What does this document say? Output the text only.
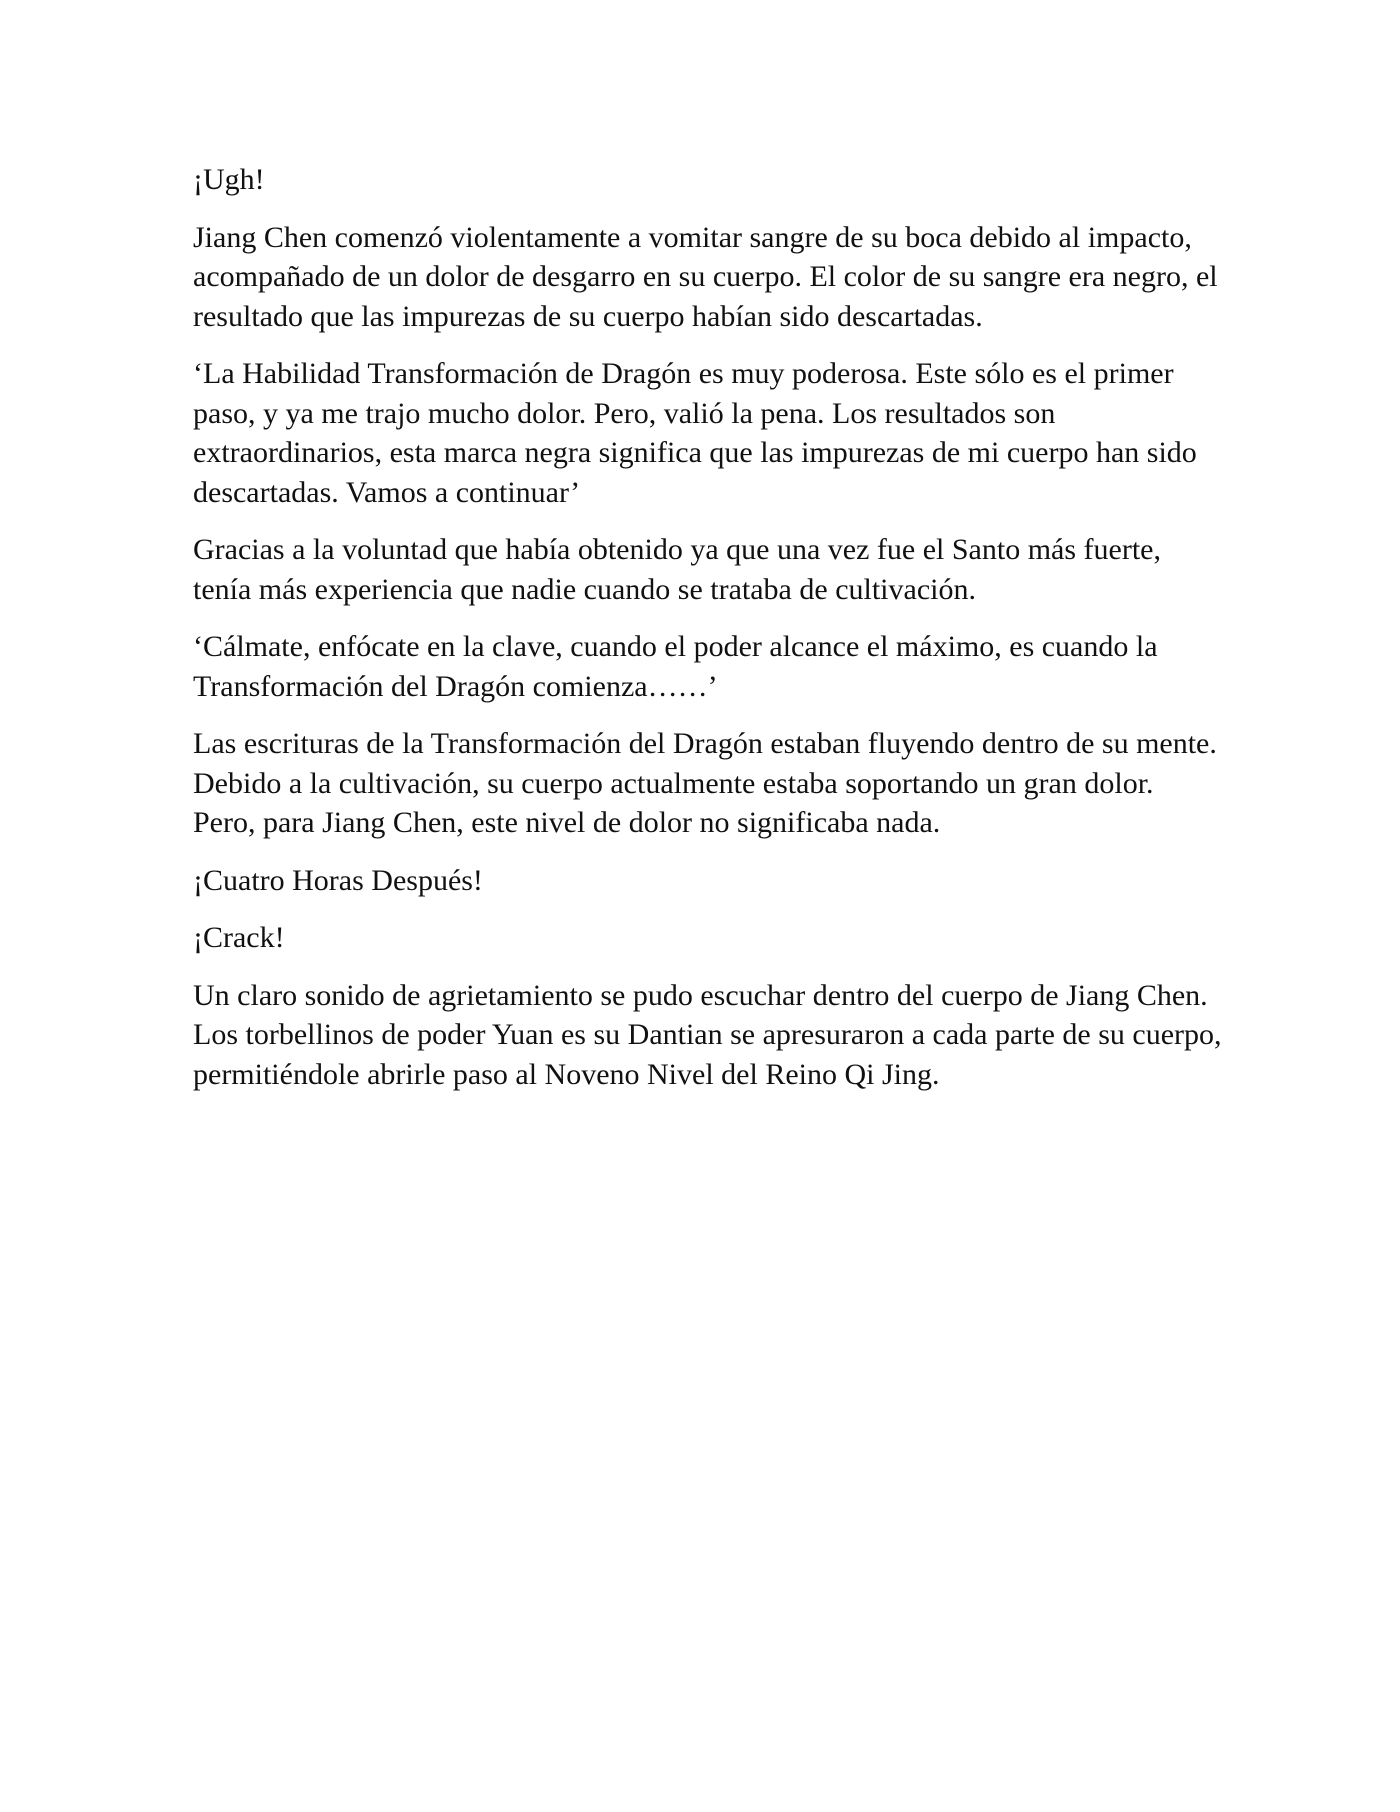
¡Ugh!

Jiang Chen comenzó violentamente a vomitar sangre de su boca debido al impacto, acompañado de un dolor de desgarro en su cuerpo. El color de su sangre era negro, el resultado que las impurezas de su cuerpo habían sido descartadas.

‘La Habilidad Transformación de Dragón es muy poderosa. Este sólo es el primer paso, y ya me trajo mucho dolor. Pero, valió la pena. Los resultados son extraordinarios, esta marca negra significa que las impurezas de mi cuerpo han sido descartadas. Vamos a continuar’

Gracias a la voluntad que había obtenido ya que una vez fue el Santo más fuerte, tenía más experiencia que nadie cuando se trataba de cultivación.

‘Cálmate, enfócate en la clave, cuando el poder alcance el máximo, es cuando la Transformación del Dragón comienza……’

Las escrituras de la Transformación del Dragón estaban fluyendo dentro de su mente. Debido a la cultivación, su cuerpo actualmente estaba soportando un gran dolor. Pero, para Jiang Chen, este nivel de dolor no significaba nada.

¡Cuatro Horas Después!

¡Crack!

Un claro sonido de agrietamiento se pudo escuchar dentro del cuerpo de Jiang Chen. Los torbellinos de poder Yuan es su Dantian se apresuraron a cada parte de su cuerpo, permitiéndole abrirle paso al Noveno Nivel del Reino Qi Jing.
